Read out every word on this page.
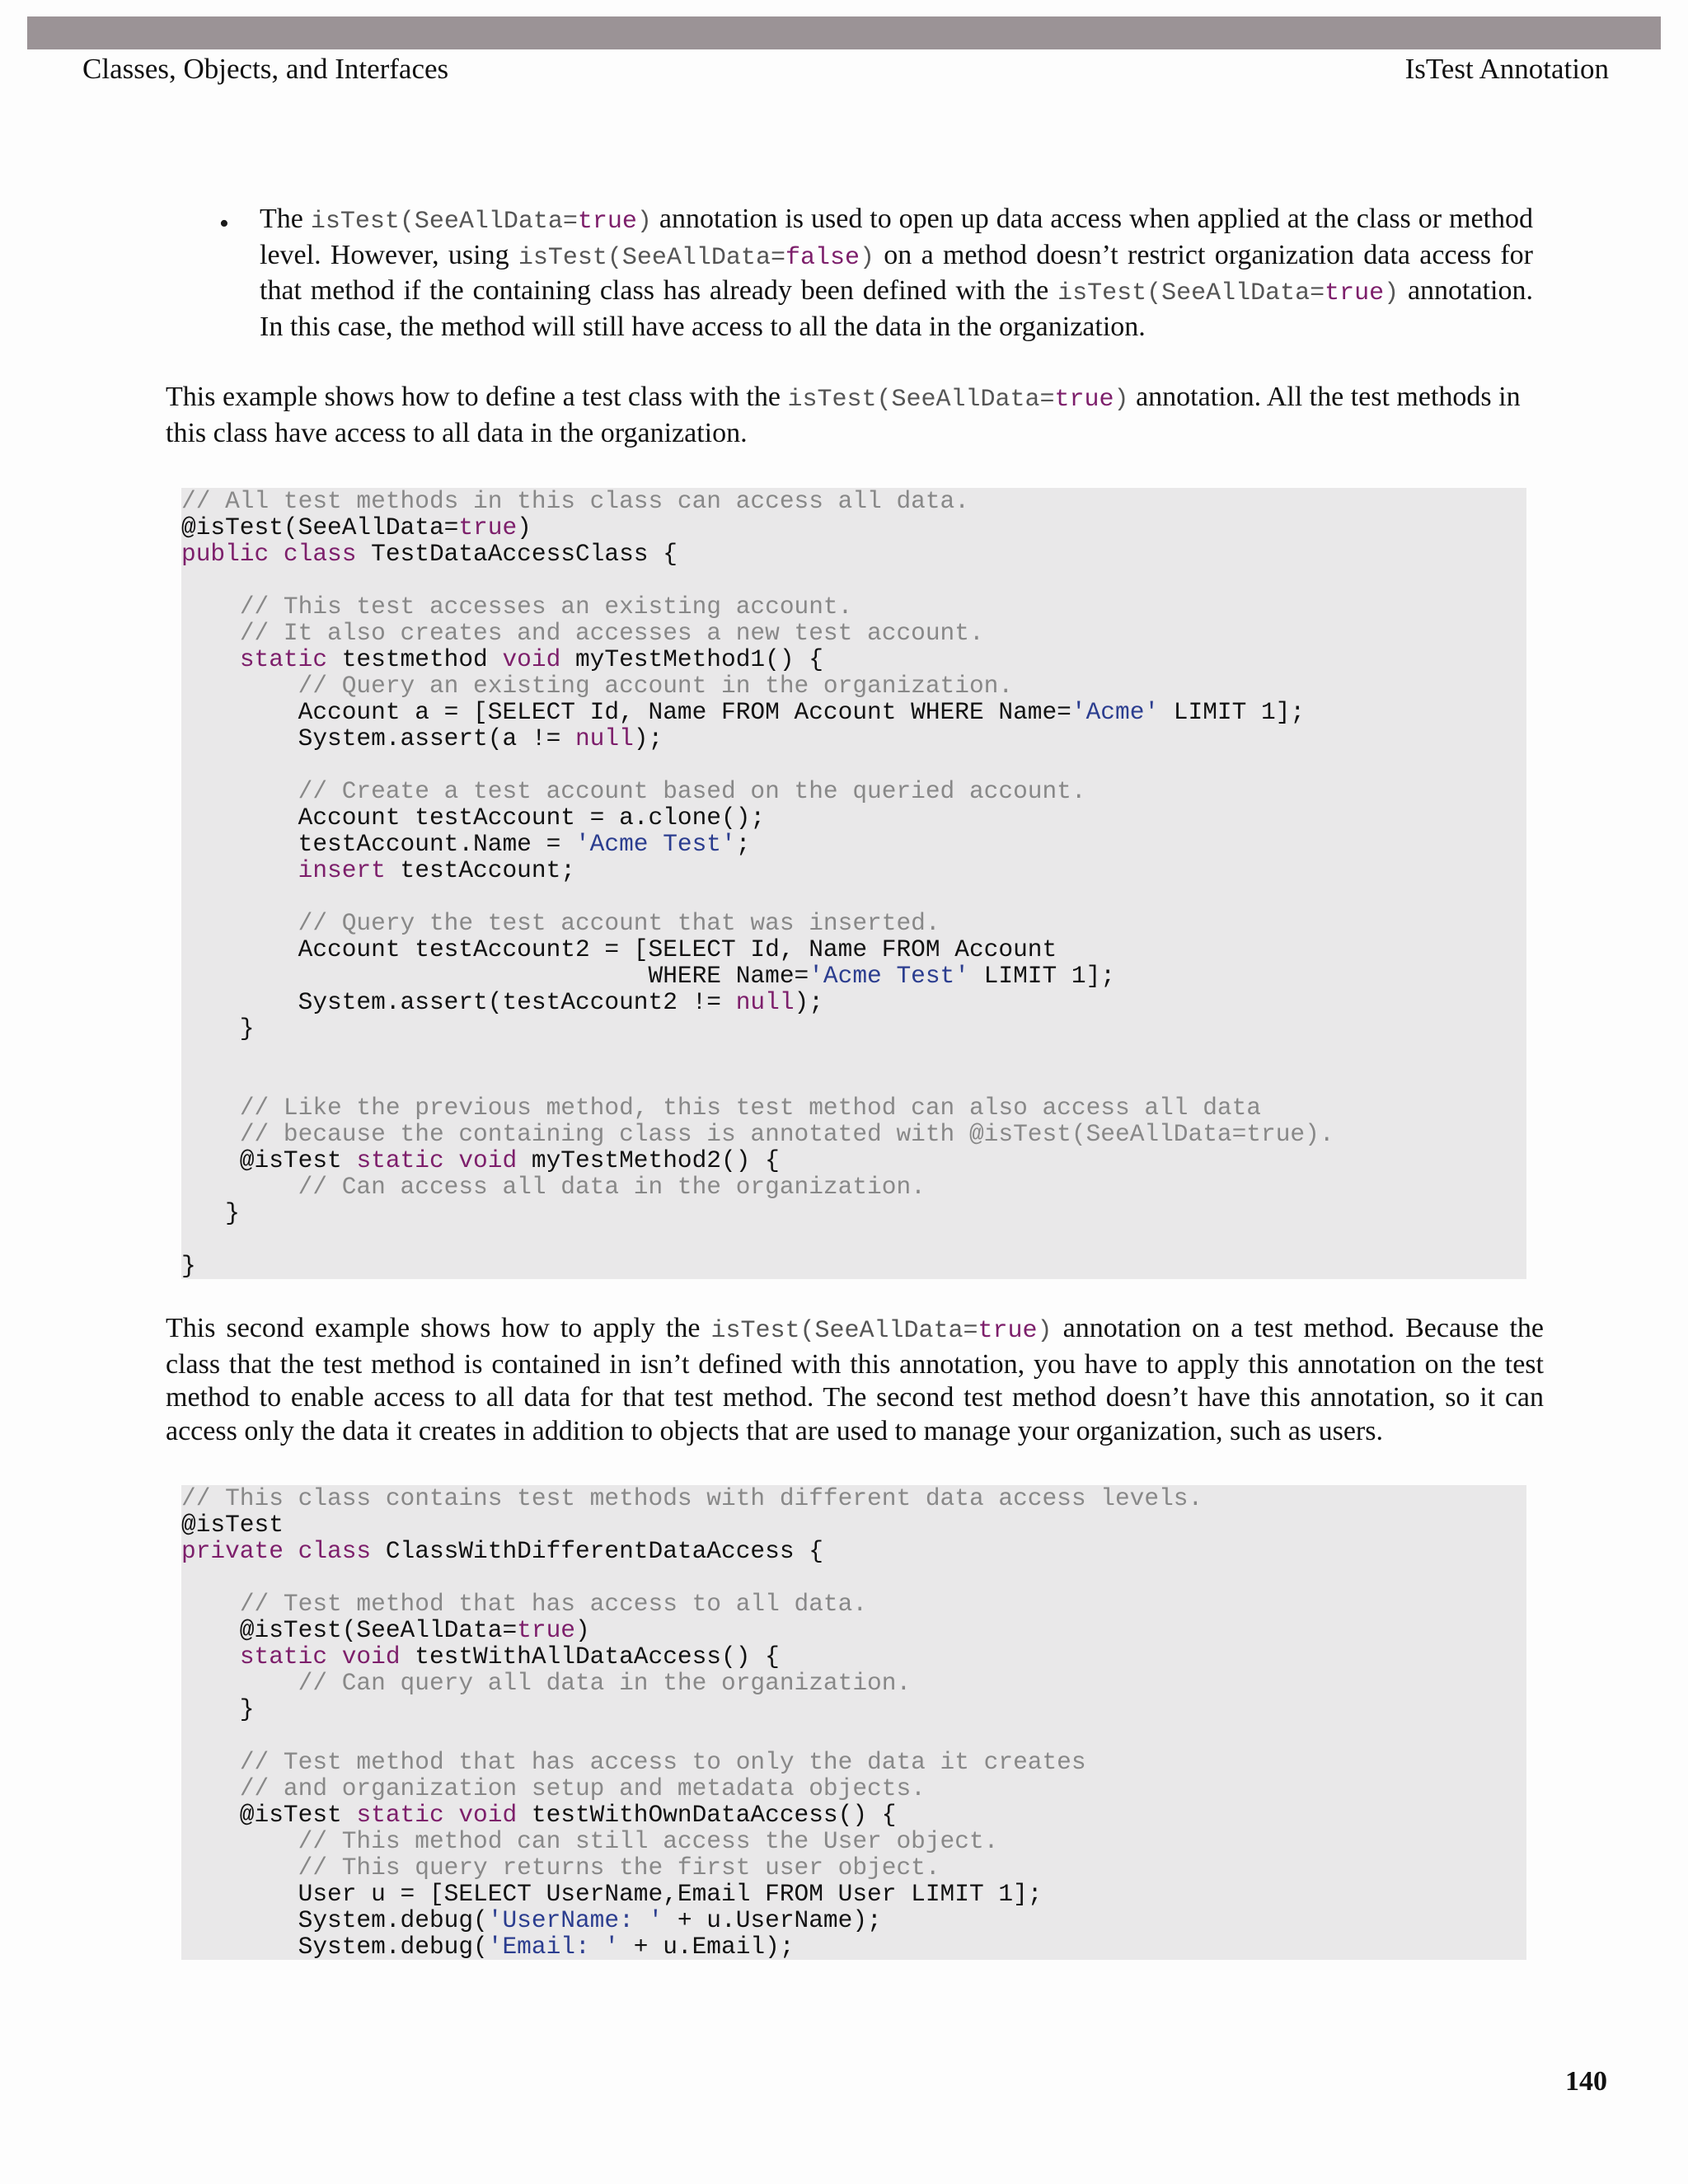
Classes, Objects, and Interfaces	IsTest Annotation
• The isTest(SeeAllData=true) annotation is used to open up data access when applied at the class or method level. However, using isTest(SeeAllData=false) on a method doesn’t restrict organization data access for that method if the containing class has already been defined with the isTest(SeeAllData=true) annotation. In this case, the method will still have access to all the data in the organization.
This example shows how to define a test class with the isTest(SeeAllData=true) annotation. All the test methods in this class have access to all data in the organization.
// All test methods in this class can access all data.
@isTest(SeeAllData=true)
public class TestDataAccessClass {
// This test accesses an existing account.
// It also creates and accesses a new test account.
static testmethod void myTestMethod1() {
// Query an existing account in the organization.
Account a = [SELECT Id, Name FROM Account WHERE Name='Acme' LIMIT 1];
System.assert(a != null);
// Create a test account based on the queried account.
Account testAccount = a.clone();
testAccount.Name = 'Acme Test';
insert testAccount;
// Query the test account that was inserted.
Account testAccount2 = [SELECT Id, Name FROM Account
WHERE Name='Acme Test' LIMIT 1];
System.assert(testAccount2 != null);
}
// Like the previous method, this test method can also access all data
// because the containing class is annotated with @isTest(SeeAllData=true).
@isTest static void myTestMethod2() {
// Can access all data in the organization.
}
}
This second example shows how to apply the isTest(SeeAllData=true) annotation on a test method. Because the class that the test method is contained in isn’t defined with this annotation, you have to apply this annotation on the test method to enable access to all data for that test method. The second test method doesn’t have this annotation, so it can access only the data it creates in addition to objects that are used to manage your organization, such as users.
// This class contains test methods with different data access levels.
@isTest
private class ClassWithDifferentDataAccess {
// Test method that has access to all data.
@isTest(SeeAllData=true)
static void testWithAllDataAccess() {
// Can query all data in the organization.
}
// Test method that has access to only the data it creates
// and organization setup and metadata objects.
@isTest static void testWithOwnDataAccess() {
// This method can still access the User object.
// This query returns the first user object.
User u = [SELECT UserName,Email FROM User LIMIT 1];
System.debug('UserName: ' + u.UserName);
System.debug('Email: ' + u.Email);
140
